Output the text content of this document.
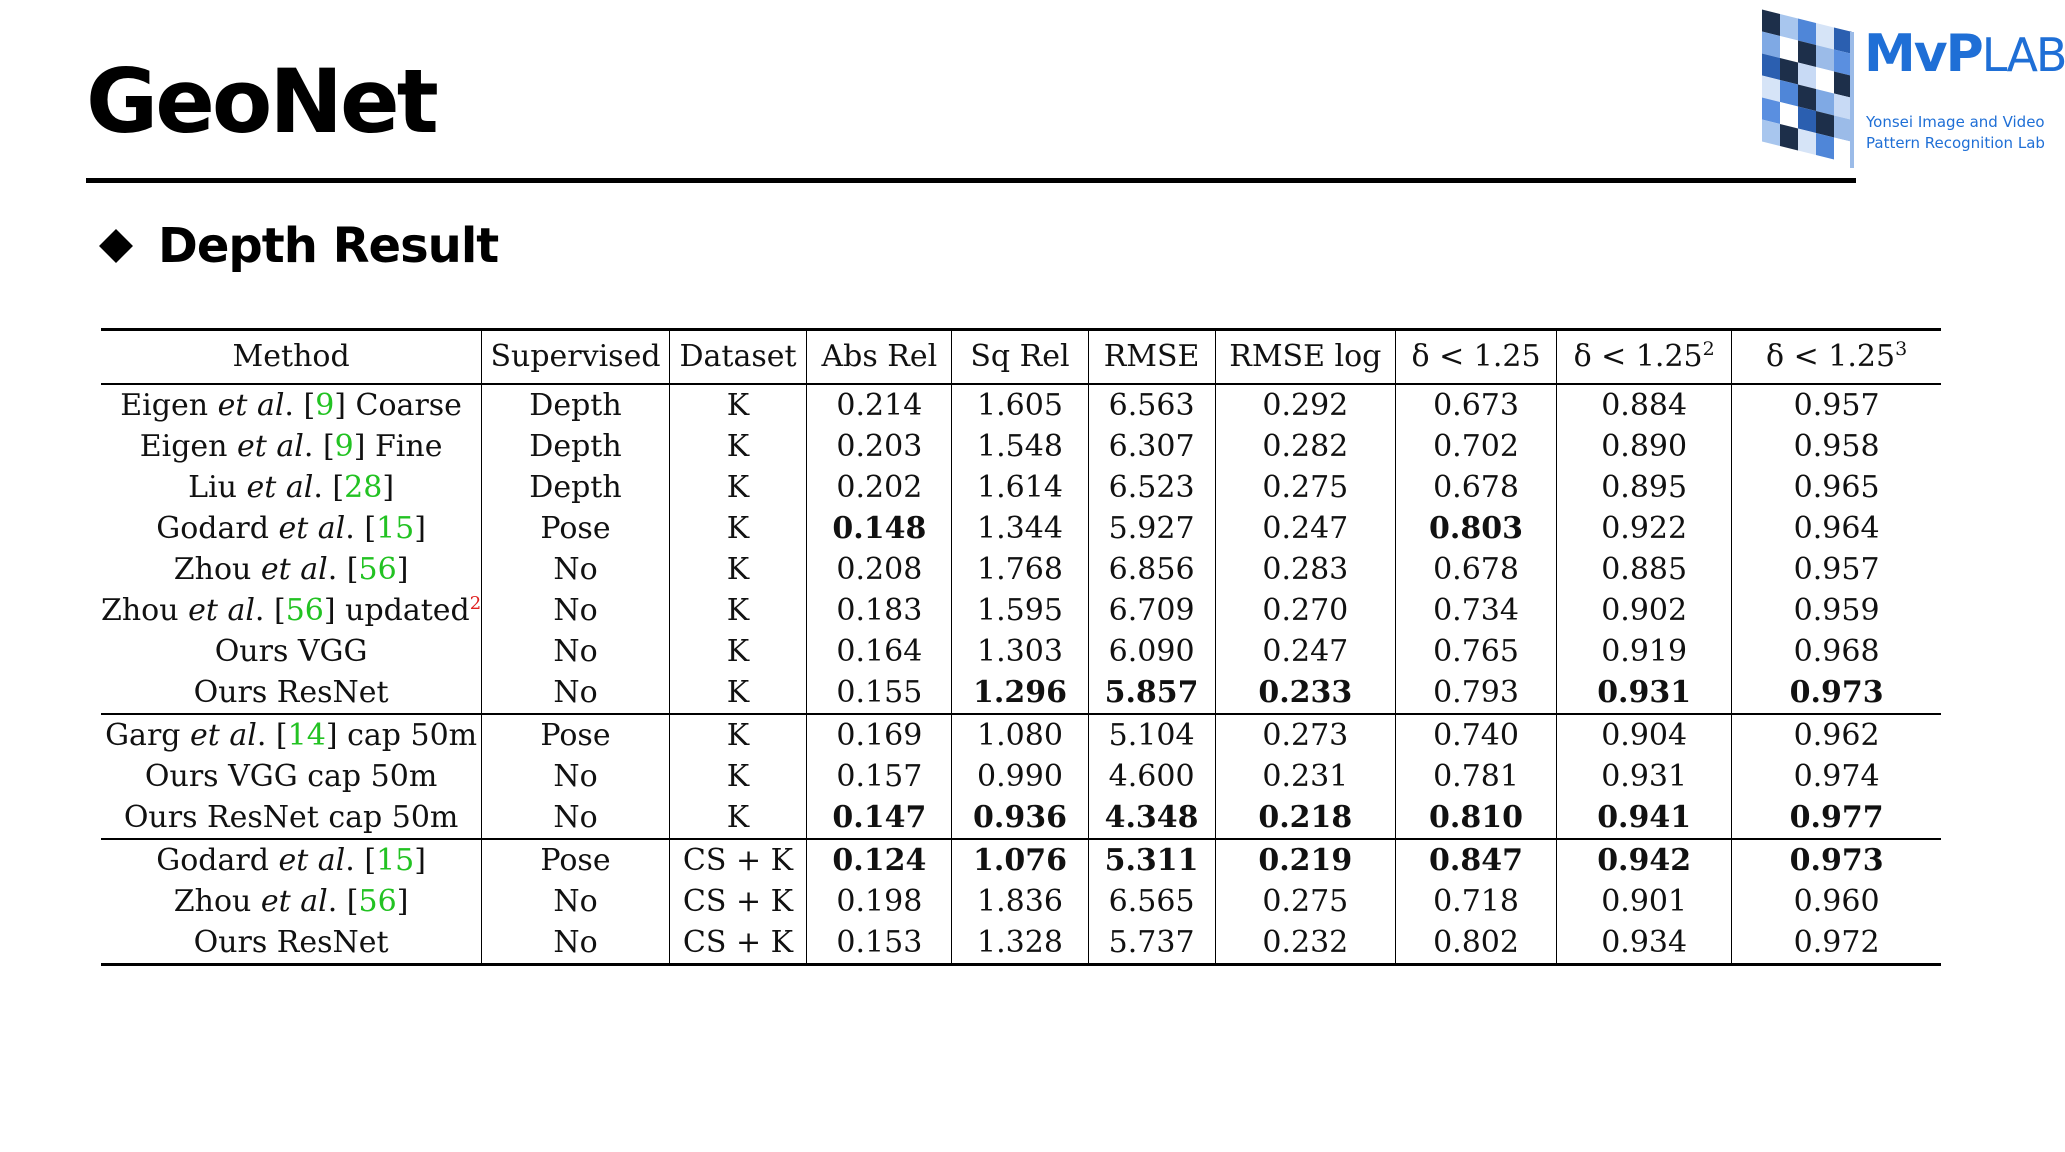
GeoNet
Depth Result
MvPLAB
Yonsei Image and Video
Pattern Recognition Lab
Method	Supervised	Dataset	Abs Rel	Sq Rel	RMSE	RMSE log	δ < 1.25	$\delta < 1.25^2$	$\delta < 1.25^3$
Eigen et al. [9] Coarse	Depth	K	0.214	1.605	6.563	0.292	0.673	0.884	0.957
Eigen et al. [9] Fine	Depth	K	0.203	1.548	6.307	0.282	0.702	0.890	0.958
Liu et al. [28]	Depth	K	0.202	1.614	6.523	0.275	0.678	0.895	0.965
Godard et al. [15]	Pose	K	0.148	1.344	5.927	0.247	0.803	0.922	0.964
Zhou et al. [56]	No	K	0.208	1.768	6.856	0.283	0.678	0.885	0.957
Zhou et al. [56] updated$^2$	No	K	0.183	1.595	6.709	0.270	0.734	0.902	0.959
Ours VGG	No	K	0.164	1.303	6.090	0.247	0.765	0.919	0.968
Ours ResNet	No	K	0.155	1.296	5.857	0.233	0.793	0.931	0.973
Garg et al. [14] cap 50m	Pose	K	0.169	1.080	5.104	0.273	0.740	0.904	0.962
Ours VGG cap 50m	No	K	0.157	0.990	4.600	0.231	0.781	0.931	0.974
Ours ResNet cap 50m	No	K	0.147	0.936	4.348	0.218	0.810	0.941	0.977
Godard et al. [15]	Pose	CS + K	0.124	1.076	5.311	0.219	0.847	0.942	0.973
Zhou et al. [56]	No	CS + K	0.198	1.836	6.565	0.275	0.718	0.901	0.960
Ours ResNet	No	CS + K	0.153	1.328	5.737	0.232	0.802	0.934	0.972
